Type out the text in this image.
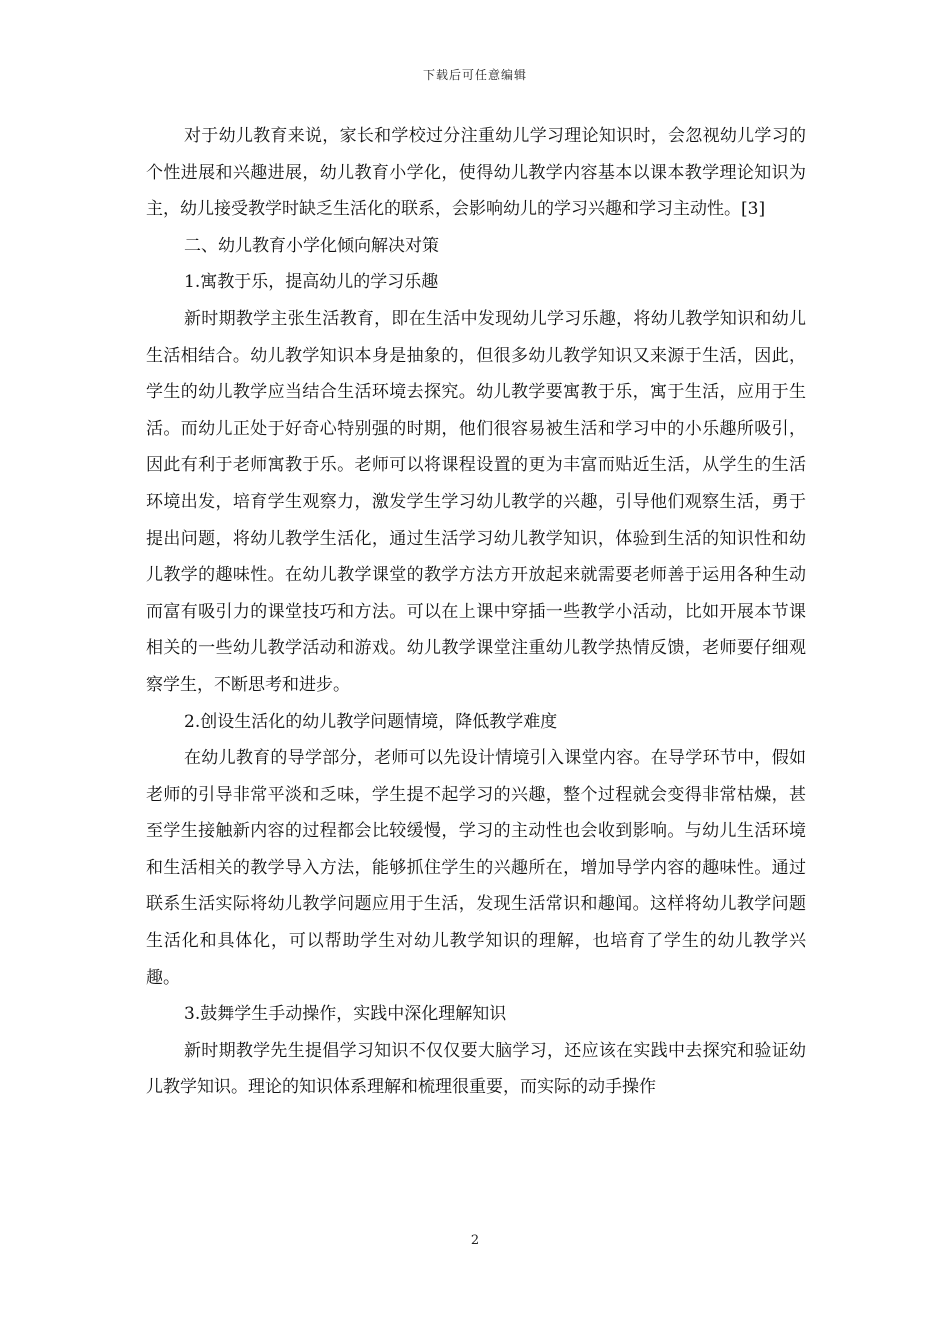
下载后可任意编辑

对于幼儿教育来说，家长和学校过分注重幼儿学习理论知识时，会忽视幼儿学习的个性进展和兴趣进展，幼儿教育小学化，使得幼儿教学内容基本以课本教学理论知识为主，幼儿接受教学时缺乏生活化的联系，会影响幼儿的学习兴趣和学习主动性。[3]

二、幼儿教育小学化倾向解决对策

1.寓教于乐，提高幼儿的学习乐趣

新时期教学主张生活教育，即在生活中发现幼儿学习乐趣，将幼儿教学知识和幼儿生活相结合。幼儿教学知识本身是抽象的，但很多幼儿教学知识又来源于生活，因此，学生的幼儿教学应当结合生活环境去探究。幼儿教学要寓教于乐，寓于生活，应用于生活。而幼儿正处于好奇心特别强的时期，他们很容易被生活和学习中的小乐趣所吸引，因此有利于老师寓教于乐。老师可以将课程设置的更为丰富而贴近生活，从学生的生活环境出发，培育学生观察力，激发学生学习幼儿教学的兴趣，引导他们观察生活，勇于提出问题，将幼儿教学生活化，通过生活学习幼儿教学知识，体验到生活的知识性和幼儿教学的趣味性。在幼儿教学课堂的教学方法方开放起来就需要老师善于运用各种生动而富有吸引力的课堂技巧和方法。可以在上课中穿插一些教学小活动，比如开展本节课相关的一些幼儿教学活动和游戏。幼儿教学课堂注重幼儿教学热情反馈，老师要仔细观察学生，不断思考和进步。

2.创设生活化的幼儿教学问题情境，降低教学难度

在幼儿教育的导学部分，老师可以先设计情境引入课堂内容。在导学环节中，假如老师的引导非常平淡和乏味，学生提不起学习的兴趣，整个过程就会变得非常枯燥，甚至学生接触新内容的过程都会比较缓慢，学习的主动性也会收到影响。与幼儿生活环境和生活相关的教学导入方法，能够抓住学生的兴趣所在，增加导学内容的趣味性。通过联系生活实际将幼儿教学问题应用于生活，发现生活常识和趣闻。这样将幼儿教学问题生活化和具体化，可以帮助学生对幼儿教学知识的理解，也培育了学生的幼儿教学兴趣。

3.鼓舞学生手动操作，实践中深化理解知识

新时期教学先生提倡学习知识不仅仅要大脑学习，还应该在实践中去探究和验证幼儿教学知识。理论的知识体系理解和梳理很重要，而实际的动手操作

2
